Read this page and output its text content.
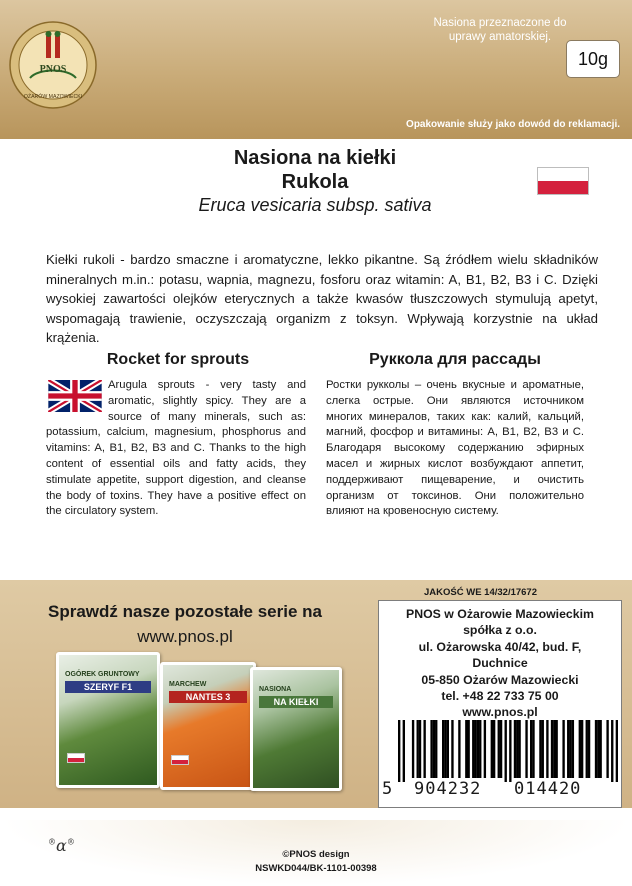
PNOS
OŻARÓW MAZOWIECKI
Nasiona przeznaczone do uprawy amatorskiej.
10g
Opakowanie służy jako dowód do reklamacji.
Nasiona na kiełki
Rukola
Eruca vesicaria subsp. sativa
Kiełki rukoli - bardzo smaczne i aromatyczne, lekko pikantne. Są źródłem wielu składników mineralnych m.in.: potasu, wapnia, magnezu, fosforu oraz witamin: A, B1, B2, B3 i C. Dzięki wysokiej zawartości olejków eterycznych a także kwasów tłuszczowych stymulują apetyt, wspomagają trawienie, oczyszczają organizm z toksyn. Wpływają korzystnie na układ krążenia.
Rocket for sprouts
Arugula sprouts - very tasty and aromatic, slightly spicy. They are a source of many minerals, such as: potassium, calcium, magnesium, phosphorus and vitamins: A, B1, B2, B3 and C. Thanks to the high content of essential oils and fatty acids, they stimulate appetite, support digestion, and cleanse the body of toxins. They have a positive effect on the circulatory system.
Руккола для рассады
Ростки рукколы – очень вкусные и ароматные, слегка острые. Они являются источником многих минералов, таких как: калий, кальций, магний, фосфор и витамины: A, B1, B2, B3 и C. Благодаря высокому содержанию эфирных масел и жирных кислот возбуждают аппетит, поддерживают пищеварение, и очистить организм от токсинов. Они положительно влияют на кровеносную систему.
Sprawdź nasze pozostałe serie na
www.pnos.pl
OGÓREK GRUNTOWY
SZERYF F1	MARCHEW
NANTES 3
NASIONA
NA KIEŁKI
JAKOŚĆ WE 14/32/17672
PNOS w Ożarowie Mazowieckim
spółka z o.o.
ul. Ożarowska 40/42, bud. F,
Duchnice
05-850 Ożarów Mazowiecki
tel. +48 22 733 75 00
www.pnos.pl
5 904232 014420
®α®
©PNOS design
NSWKD044/BK-1101-00398
